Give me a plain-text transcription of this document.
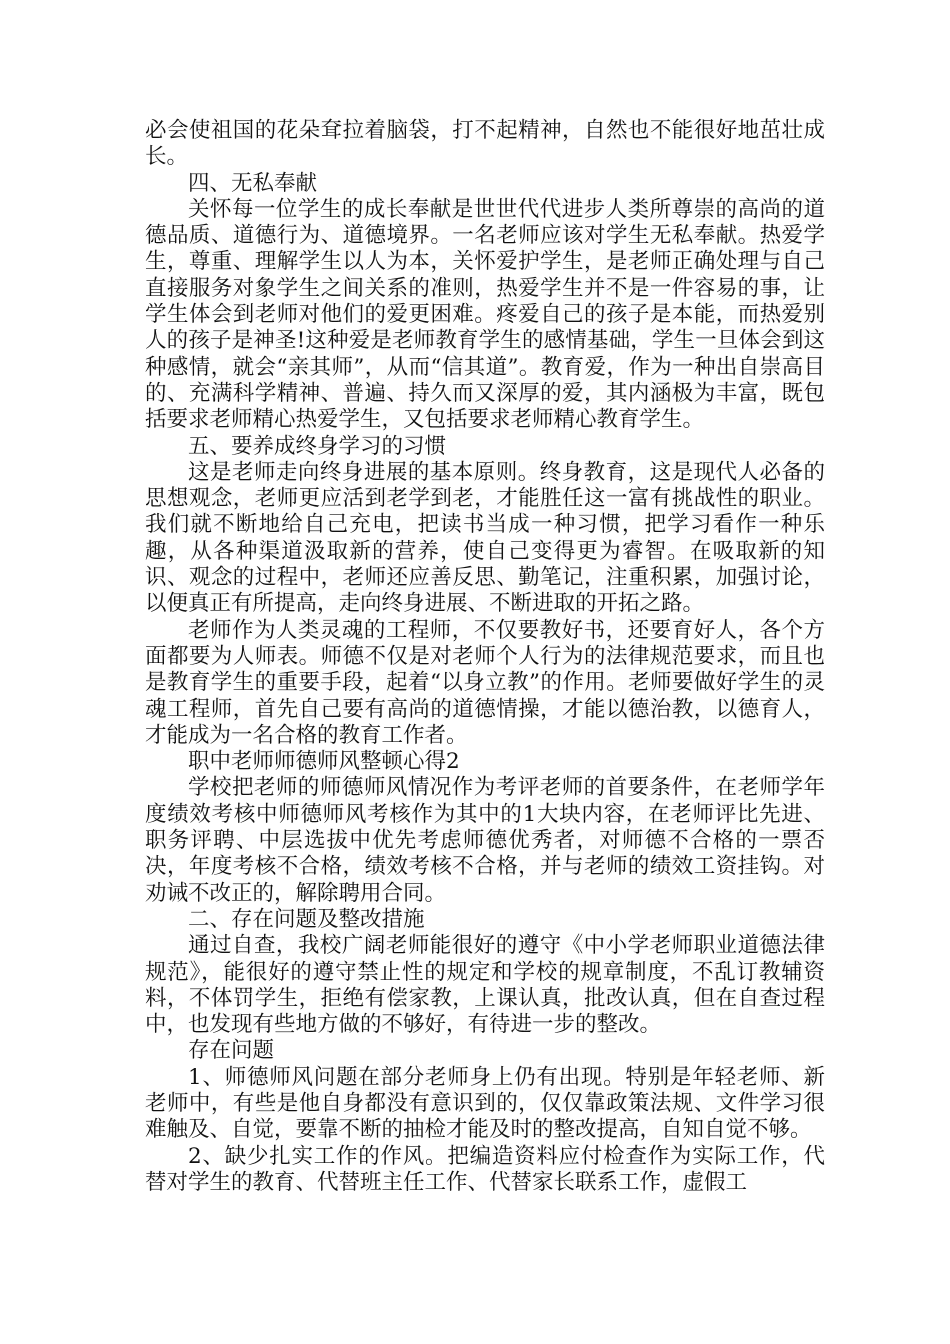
必会使祖国的花朵耷拉着脑袋，打不起精神，自然也不能很好地茁壮成长。

四、无私奉献

关怀每一位学生的成长奉献是世世代代进步人类所尊崇的高尚的道德品质、道德行为、道德境界。一名老师应该对学生无私奉献。热爱学生，尊重、理解学生以人为本，关怀爱护学生，是老师正确处理与自己直接服务对象学生之间关系的准则，热爱学生并不是一件容易的事，让学生体会到老师对他们的爱更困难。疼爱自己的孩子是本能，而热爱别人的孩子是神圣!这种爱是老师教育学生的感情基础，学生一旦体会到这种感情，就会“亲其师”，从而“信其道”。教育爱，作为一种出自崇高目的、充满科学精神、普遍、持久而又深厚的爱，其内涵极为丰富，既包括要求老师精心热爱学生，又包括要求老师精心教育学生。

五、要养成终身学习的习惯

这是老师走向终身进展的基本原则。终身教育，这是现代人必备的思想观念，老师更应活到老学到老，才能胜任这一富有挑战性的职业。我们就不断地给自己充电，把读书当成一种习惯，把学习看作一种乐趣，从各种渠道汲取新的营养，使自己变得更为睿智。在吸取新的知识、观念的过程中，老师还应善反思、勤笔记，注重积累，加强讨论，以便真正有所提高，走向终身进展、不断进取的开拓之路。

老师作为人类灵魂的工程师，不仅要教好书，还要育好人，各个方面都要为人师表。师德不仅是对老师个人行为的法律规范要求，而且也是教育学生的重要手段，起着“以身立教”的作用。老师要做好学生的灵魂工程师，首先自己要有高尚的道德情操，才能以德治教，以德育人，才能成为一名合格的教育工作者。

职中老师师德师风整顿心得2

学校把老师的师德师风情况作为考评老师的首要条件，在老师学年度绩效考核中师德师风考核作为其中的1大块内容，在老师评比先进、职务评聘、中层选拔中优先考虑师德优秀者，对师德不合格的一票否决，年度考核不合格，绩效考核不合格，并与老师的绩效工资挂钩。对劝诫不改正的，解除聘用合同。

二、存在问题及整改措施

通过自查，我校广阔老师能很好的遵守《中小学老师职业道德法律规范》，能很好的遵守禁止性的规定和学校的规章制度，不乱订教辅资料，不体罚学生，拒绝有偿家教，上课认真，批改认真，但在自查过程中，也发现有些地方做的不够好，有待进一步的整改。

存在问题

1、师德师风问题在部分老师身上仍有出现。特别是年轻老师、新老师中，有些是他自身都没有意识到的，仅仅靠政策法规、文件学习很难触及、自觉，要靠不断的抽检才能及时的整改提高，自知自觉不够。

2、缺少扎实工作的作风。把编造资料应付检查作为实际工作，代替对学生的教育、代替班主任工作、代替家长联系工作，虚假工
